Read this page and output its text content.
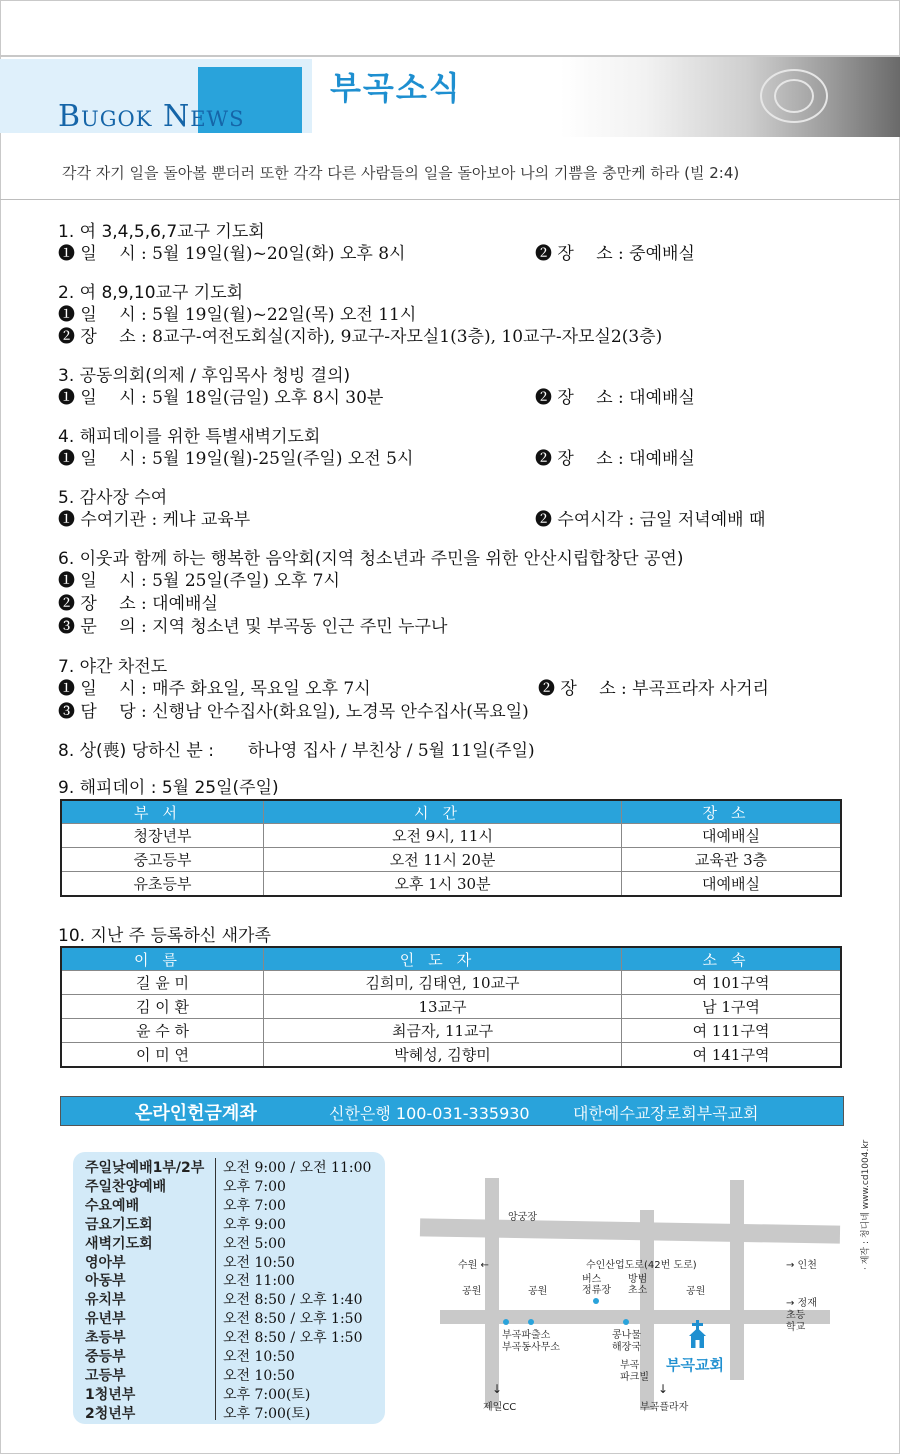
Bugok News
부곡소식
각각 자기 일을 돌아볼 뿐더러 또한 각각 다른 사람들의 일을 돌아보아 나의 기쁨을 충만케 하라 (빌 2:4)
1. 여 3,4,5,6,7교구 기도회
❶ 일　 시 : 5월 19일(월)~20일(화) 오후 8시	❷ 장　 소 : 중예배실
2. 여 8,9,10교구 기도회
❶ 일　 시 : 5월 19일(월)~22일(목) 오전 11시
❷ 장　 소 : 8교구-여전도회실(지하), 9교구-자모실1(3층), 10교구-자모실2(3층)
3. 공동의회(의제 / 후임목사 청빙 결의)
❶ 일　 시 : 5월 18일(금일) 오후 8시 30분	❷ 장　 소 : 대예배실
4. 해피데이를 위한 특별새벽기도회
❶ 일　 시 : 5월 19일(월)-25일(주일) 오전 5시	❷ 장　 소 : 대예배실
5. 감사장 수여
❶ 수여기관 : 케냐 교육부	❷ 수여시각 : 금일 저녁예배 때
6. 이웃과 함께 하는 행복한 음악회(지역 청소년과 주민을 위한 안산시립합창단 공연)
❶ 일　 시 : 5월 25일(주일) 오후 7시
❷ 장　 소 : 대예배실
❸ 문　 의 : 지역 청소년 및 부곡동 인근 주민 누구나
7. 야간 차전도
❶ 일　 시 : 매주 화요일, 목요일 오후 7시	❷ 장　 소 : 부곡프라자 사거리
❸ 담　 당 : 신행남 안수집사(화요일), 노경목 안수집사(목요일)
8. 상(喪) 당하신 분 : 하나영 집사 / 부친상 / 5월 11일(주일)
9. 해피데이 : 5월 25일(주일)
부서	시간	장소
청장년부	오전 9시, 11시	대예배실
중고등부	오전 11시 20분	교육관 3층
유초등부	오후 1시 30분	대예배실
10. 지난 주 등록하신 새가족
이름	인도자	소속
길 윤 미	김희미, 김태연, 10교구	여 101구역
김 이 환	13교구	남 1구역
윤 수 하	최금자, 11교구	여 111구역
이 미 연	박혜성, 김향미	여 141구역
온라인헌금계좌	신한은행 100-031-335930	대한예수교장로회부곡교회
주일낮예배1부/2부 오전 9:00 / 오전 11:00
주일찬양예배	오후 7:00
수요예배	오후 7:00
금요기도회	오후 9:00
새벽기도회	오전 5:00
영아부	오전 10:50
아동부	오전 11:00
유치부	오전 8:50 / 오후 1:40
유년부	오전 8:50 / 오후 1:50
초등부	오전 8:50 / 오후 1:50
중등부	오전 10:50
고등부	오전 10:50
1청년부	오후 7:00(토)
2청년부	오후 7:00(토)
앙궁장
수원 ←	수인산업도로(42번 도로)	→ 인천
공원	공원	공원
버스
정류장
방범
초소
부곡파출소
부곡동사무소
콩나물
해장국
→ 정재
초등
학교
부곡
파크빌
부곡교회
↓
제일CC
↓
부곡플라자
· 제작 : 청디네 www.cd1004.kr
